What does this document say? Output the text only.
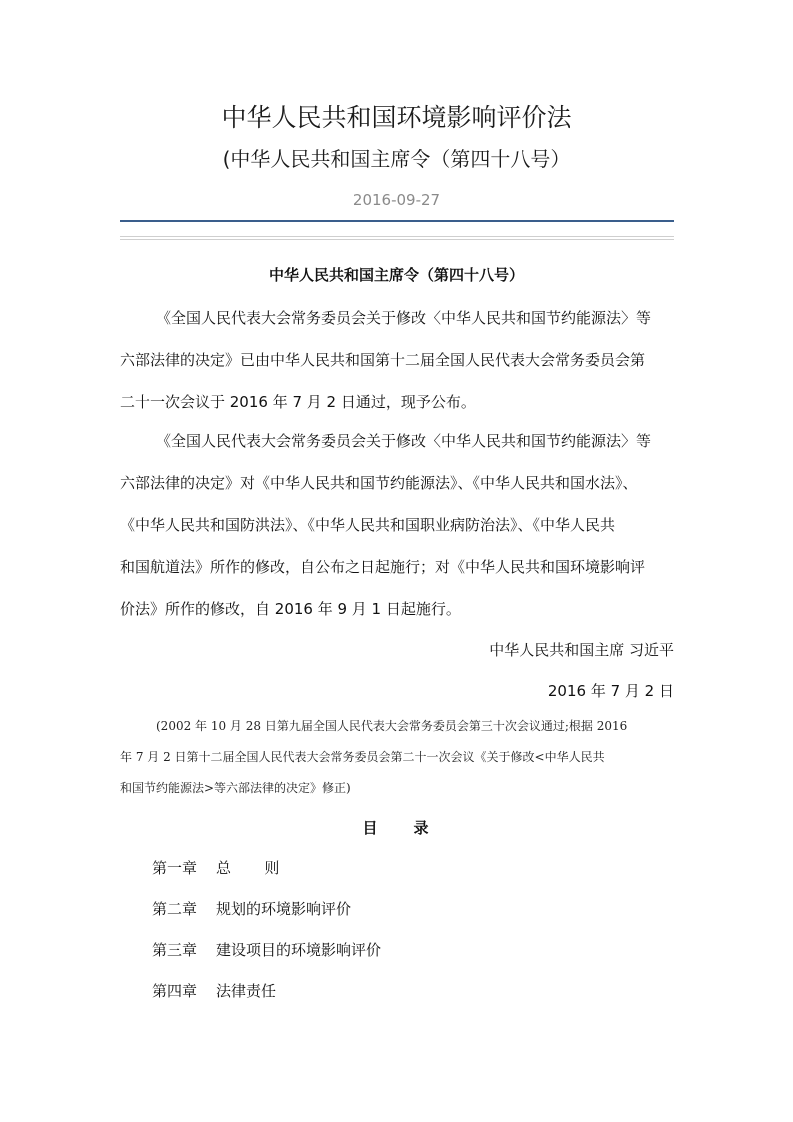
中华人民共和国环境影响评价法
(中华人民共和国主席令（第四十八号）
2016-09-27
中华人民共和国主席令（第四十八号）
《全国人民代表大会常务委员会关于修改〈中华人民共和国节约能源法〉等
六部法律的决定》已由中华人民共和国第十二届全国人民代表大会常务委员会第
二十一次会议于 2016 年 7 月 2 日通过，现予公布。
《全国人民代表大会常务委员会关于修改〈中华人民共和国节约能源法〉等
六部法律的决定》对《中华人民共和国节约能源法》、《中华人民共和国水法》、
《中华人民共和国防洪法》、《中华人民共和国职业病防治法》、《中华人民共
和国航道法》所作的修改，自公布之日起施行；对《中华人民共和国环境影响评
价法》所作的修改，自 2016 年 9 月 1 日起施行。
中华人民共和国主席 习近平
2016 年 7 月 2 日
(2002 年 10 月 28 日第九届全国人民代表大会常务委员会第三十次会议通过;根据 2016
年 7 月 2 日第十二届全国人民代表大会常务委员会第二十一次会议《关于修改<中华人民共
和国节约能源法>等六部法律的决定》修正)
目 录
第一章 总       则
第二章 规划的环境影响评价
第三章 建设项目的环境影响评价
第四章 法律责任
